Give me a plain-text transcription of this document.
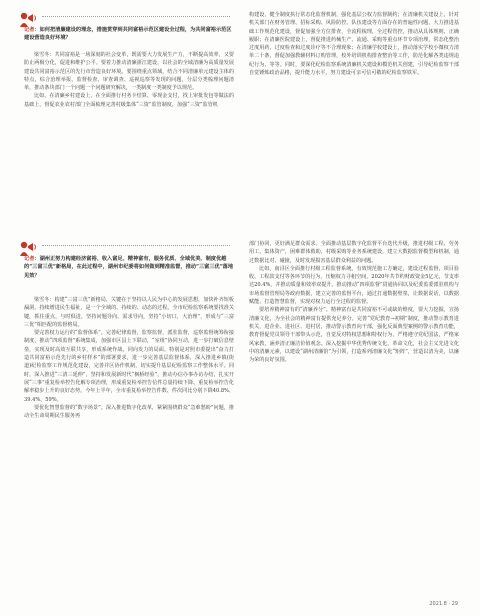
记者：如何把清廉建设的理念，措施贯穿到共同富裕示范区建设全过程，为共同富裕示范区建设营造良好环境？

梁雪冬：共同富裕是一场深刻的社会变革，既需要大力发展生产力，不断提高效率，又要防止两极分化，促进和维护公平。要着力推动清廉浙江建设，以社会的全域清廉为高质量发展建设共同富裕示范区的先行市营造良好环境。要围绕重点领域，结合不同清廉单元建设主体的特点，综合治理举报、监督检查、审查调查、巡视巡察等发现的问题，分层分类梳理问题清单，推动条块部门一个问题一个问题研究解决，一类制度一类制度予以规范。

比如，在清廉乡村建设上，在全面推行村务卡结算、零现金支付，找上审批发包等做法的基础上，督促农业农村部门全面梳理完善村级集体“三资”监管制度，加强“三资”监管机

构建设，健全制度执行常态化监督机制，强化基层公权力监督制约；在清廉机关建设上，针对机关部门在财务管理、招标采购、风险防控、队伍建设等方面存在的普遍性问题，大力推进基础工作规范化建设，督促加强全方位排查，全流程梳理，全过程管控，推动从具体规则、正确履职；在清廉医院建设上，督促推进药械生产、流通、采购等重点环节专项治理，常态化整治过度用药、过度检查和过度诊疗等不合理现象；在清廉学校建设上，推动落实学校小微权力清单二十条，督促加强教辅材料订购管理，校外培训机构排查整治等工作，防范化解各类违规违纪行为，等等。同时，要深化纪检监察系统清廉机关建设和模范机关创建，引导纪检监察干部自觉锤炼政治品格，提升能力水平，努力建设可亲可信可敬的纪检监察铁军。

记者：湖州正努力构建经济富裕、收入富足、精神富有，服务优质、全域优美、制度优越的“三富三优”新格局，在此过程中，湖州市纪委将如何做到精准监督，推动“三富三优”落地见效？

梁雪冬：构建“三富三优”新格局，关键在于坚持以人民为中心的发展思想，加快补齐短板漏洞，持续增进民生福祉，是一个全域的、持续的、动态的过程。全市纪检监察系统要找准关键，抓住重点，与时俱进，坚持问题导向、需求导向，坚持“小切口，大治理”，形成与“三富三优”相匹配的监督格局。

要完善权力运行的“监督体系”。完善纪律监督，监察监督，派驻监督，巡察监督统筹衔接制度，推动“四项监督”系统集成，加强市区县上下联动，“室组”协同互动，进一步打破信息壁垒，实现及时高效互联共享，形成系统作战，同向发力的局面。特别是对照市委提出“奋力打造共同富裕示范先行的乡村样本”的部署要求，进一步完善基层监督体系，深入推进乡镇(街道)纪检监察工作规范化建设，完善并区协作机制，切实提升基层纪检监察工作整体水平。同时，深入推进“三清三延伸”，坚持和发展新时代“枫桥经验”，推动办信办事办访办结，扎实开展“三事”重复检举控告化解专项治理，形成重复检举控告信件总量持续下降、重复检举控告化解率稳步上升的良好态势。今年上半年，全市重复检举控告件数、件次同比分别下降40.8%、39.4%、59%。

要优化智慧监督的“数字场景”。深入推进数字化改革，紧紧围绕群众“急难愁盼”问题，推动全生命周期民生服务再

部门协同，更好满足群众需求。全面推动基层数字化监督平台迭代升级，推进村级工程、劳务用工，集体资产，困难群体救助，村级采购等业务系统建设，建立大数据监督模型和机制，通过数据比对、碰撞，及时发现损害基层群众利益的问题。

比如，南浔区全面推行村级工程监督系统，有效规范施工方确定，建设过程监督，项目验收、工程款支付等各环节的行为，压缩权力寻租空间，2020年共节约财政资金5亿元，节支率达20.4%，并推动质量和效率双提升。推动推动“四项监督”贯通协同以及纪委监委派驻机构与市场监督管理局等政府数据，建立完善的监督平台，通过打通数据壁垒，让数据说话，以数据赋能，打造智慧监督，实现对权力运行全过程的监督。

要培养精神富有的“清廉养分”。精神富有是共同富裕不可或缺的维度，要大力挖掘，宣扬清廉文化，为全社会的精神富有提供充足养分。完善“党纪教育→初期”制度，推动警示教育进机关，进企业、进社区、进村居，推动警示教育向干部，强化反面典型案例的警示教育功能，教育督促党员领导干部带头示范，自觉反对特权思想和特权行为，严格遵守党纪国法，严格家风家教，涵养清正廉洁价值观念。深入挖掘中华优秀传统文化，革命文化，社会主义先进文化中的清廉元素，以建设“湖州清廉馆”为引领，打造系列清廉文化“矩阵”，营造以清为美，以廉为荣的良好氛围。

2021.8 · 29
